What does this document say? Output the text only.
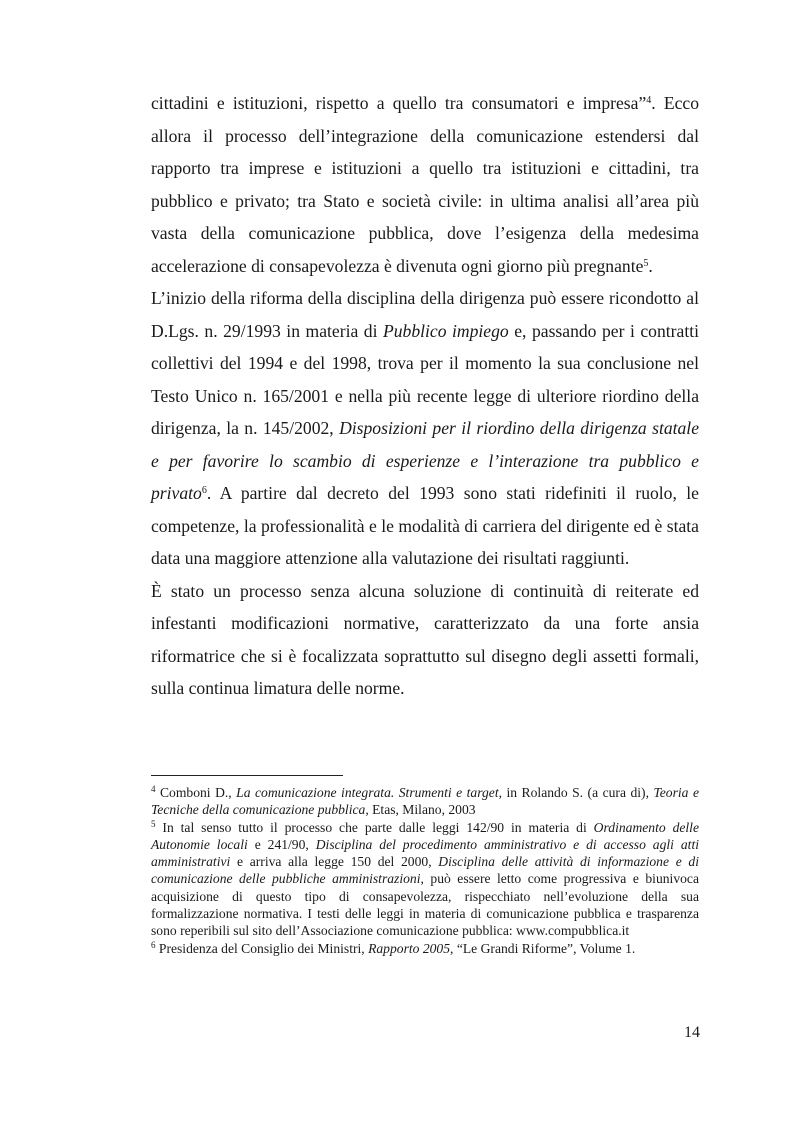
cittadini e istituzioni, rispetto a quello tra consumatori e impresa”$^4$. Ecco allora il processo dell’integrazione della comunicazione estendersi dal rapporto tra imprese e istituzioni a quello tra istituzioni e cittadini, tra pubblico e privato; tra Stato e società civile: in ultima analisi all’area più vasta della comunicazione pubblica, dove l’esigenza della medesima accelerazione di consapevolezza è divenuta ogni giorno più pregnante$^5$.

L’inizio della riforma della disciplina della dirigenza può essere ricondotto al D.Lgs. n. 29/1993 in materia di Pubblico impiego e, passando per i contratti collettivi del 1994 e del 1998, trova per il momento la sua conclusione nel Testo Unico n. 165/2001 e nella più recente legge di ulteriore riordino della dirigenza, la n. 145/2002, Disposizioni per il riordino della dirigenza statale e per favorire lo scambio di esperienze e l’interazione tra pubblico e privato$^6$. A partire dal decreto del 1993 sono stati ridefiniti il ruolo, le competenze, la professionalità e le modalità di carriera del dirigente ed è stata data una maggiore attenzione alla valutazione dei risultati raggiunti.

È stato un processo senza alcuna soluzione di continuità di reiterate ed infestanti modificazioni normative, caratterizzato da una forte ansia riformatrice che si è focalizzata soprattutto sul disegno degli assetti formali, sulla continua limatura delle norme.

$^4$ Comboni D., La comunicazione integrata. Strumenti e target, in Rolando S. (a cura di), Teoria e Tecniche della comunicazione pubblica, Etas, Milano, 2003

$^5$ In tal senso tutto il processo che parte dalle leggi 142/90 in materia di Ordinamento delle Autonomie locali e 241/90, Disciplina del procedimento amministrativo e di accesso agli atti amministrativi e arriva alla legge 150 del 2000, Disciplina delle attività di informazione e di comunicazione delle pubbliche amministrazioni, può essere letto come progressiva e biunivoca acquisizione di questo tipo di consapevolezza, rispecchiato nell’evoluzione della sua formalizzazione normativa. I testi delle leggi in materia di comunicazione pubblica e trasparenza sono reperibili sul sito dell’Associazione comunicazione pubblica: www.compubblica.it

$^6$ Presidenza del Consiglio dei Ministri, Rapporto 2005, “Le Grandi Riforme”, Volume 1.

14
